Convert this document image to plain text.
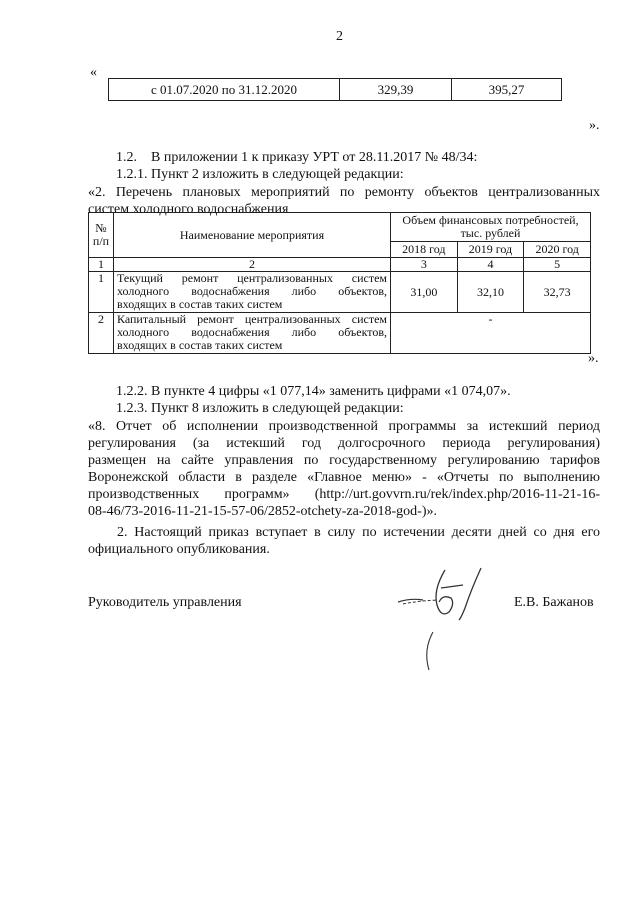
2
«
с 01.07.2020 по 31.12.2020	329,39	395,27
».
1.2.    В приложении 1 к приказу УРТ от 28.11.2017 № 48/34:
1.2.1. Пункт 2 изложить в следующей редакции:
«2. Перечень плановых мероприятий по ремонту объектов централизованных
систем холодного водоснабжения
№ п/п	Наименование мероприятия	Объем финансовых потребностей, тыс. рублей		
		2018 год	2019 год	2020 год
1	2	3	4	5
1	Текущий ремонт централизованных систем
холодного водоснабжения либо объектов,
входящих в состав таких систем	31,00	32,10	32,73
2	Капитальный ремонт централизованных систем
холодного водоснабжения либо объектов,
входящих в состав таких систем	-		
».
1.2.2. В пункте 4 цифры «1 077,14» заменить цифрами «1 074,07».
1.2.3. Пункт 8 изложить в следующей редакции:
«8. Отчет об исполнении производственной программы за истекший период
регулирования (за истекший год долгосрочного периода регулирования)
размещен на сайте управления по государственному регулированию тарифов
Воронежской области в разделе «Главное меню» - «Отчеты по выполнению
производственных программ» (http://urt.govvrn.ru/rek/index.php/2016-11-21-16-
08-46/73-2016-11-21-15-57-06/2852-otchety-za-2018-god-)».
2. Настоящий приказ вступает в силу по истечении десяти дней со дня его
официального опубликования.
Руководитель управления	Е.В. Бажанов
